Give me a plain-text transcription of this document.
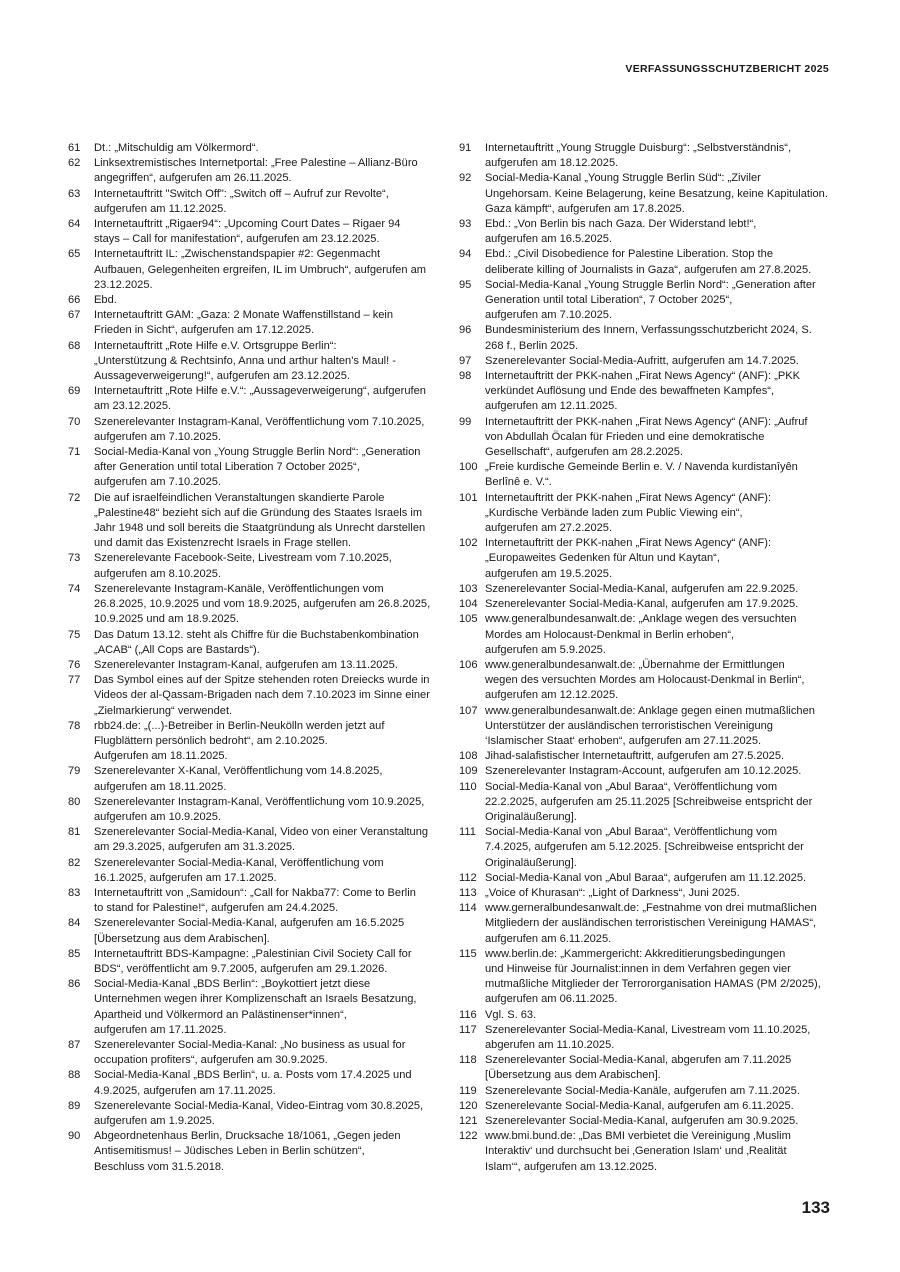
VERFASSUNGSSCHUTZBERICHT 2025
61	Dt.: „Mitschuldig am Völkermord“.
62	Linksextremistisches Internetportal: „Free Palestine – Allianz-Büro
angegriffen“, aufgerufen am 26.11.2025.
63	Internetauftritt "Switch Off": „Switch off – Aufruf zur Revolte“,
aufgerufen am 11.12.2025.
64	Internetauftritt „Rigaer94“: „Upcoming Court Dates – Rigaer 94
stays – Call for manifestation“, aufgerufen am 23.12.2025.
65	Internetauftritt IL: „Zwischenstandspapier #2: Gegenmacht
Aufbauen, Gelegenheiten ergreifen, IL im Umbruch“, aufgerufen am
23.12.2025.
66	Ebd.
67	Internetauftritt GAM: „Gaza: 2 Monate Waffenstillstand – kein
Frieden in Sicht“, aufgerufen am 17.12.2025.
68	Internetauftritt „Rote Hilfe e.V. Ortsgruppe Berlin“:
„Unterstützung & Rechtsinfo, Anna und arthur halten’s Maul! -
Aussageverweigerung!“, aufgerufen am 23.12.2025.
69	Internetauftritt „Rote Hilfe e.V.“: „Aussageverweigerung“, aufgerufen
am 23.12.2025.
70	Szenerelevanter Instagram-Kanal, Veröffentlichung vom 7.10.2025,
aufgerufen am 7.10.2025.
71	Social-Media-Kanal von „Young Struggle Berlin Nord“: „Generation
after Generation until total Liberation 7 October 2025“,
aufgerufen am 7.10.2025.
72	Die auf israelfeindlichen Veranstaltungen skandierte Parole
„Palestine48“ bezieht sich auf die Gründung des Staates Israels im
Jahr 1948 und soll bereits die Staatgründung als Unrecht darstellen
und damit das Existenzrecht Israels in Frage stellen.
73	Szenerelevante Facebook-Seite, Livestream vom 7.10.2025,
aufgerufen am 8.10.2025.
74	Szenerelevante Instagram-Kanäle, Veröffentlichungen vom
26.8.2025, 10.9.2025 und vom 18.9.2025, aufgerufen am 26.8.2025,
10.9.2025 und am 18.9.2025.
75	Das Datum 13.12. steht als Chiffre für die Buchstabenkombination
„ACAB“ („All Cops are Bastards“).
76	Szenerelevanter Instagram-Kanal, aufgerufen am 13.11.2025.
77	Das Symbol eines auf der Spitze stehenden roten Dreiecks wurde in
Videos der al-Qassam-Brigaden nach dem 7.10.2023 im Sinne einer
„Zielmarkierung“ verwendet.
78	rbb24.de: „(...)-Betreiber in Berlin-Neukölln werden jetzt auf
Flugblättern persönlich bedroht“, am 2.10.2025.
Aufgerufen am 18.11.2025.
79	Szenerelevanter X-Kanal, Veröffentlichung vom 14.8.2025,
aufgerufen am 18.11.2025.
80	Szenerelevanter Instagram-Kanal, Veröffentlichung vom 10.9.2025,
aufgerufen am 10.9.2025.
81	Szenerelevanter Social-Media-Kanal, Video von einer Veranstaltung
am 29.3.2025, aufgerufen am 31.3.2025.
82	Szenerelevanter Social-Media-Kanal, Veröffentlichung vom
16.1.2025, aufgerufen am 17.1.2025.
83	Internetauftritt von „Samidoun“: „Call for Nakba77: Come to Berlin
to stand for Palestine!“, aufgerufen am 24.4.2025.
84	Szenerelevanter Social-Media-Kanal, aufgerufen am 16.5.2025
[Übersetzung aus dem Arabischen].
85	Internetauftritt BDS-Kampagne: „Palestinian Civil Society Call for
BDS“, veröffentlicht am 9.7.2005, aufgerufen am 29.1.2026.
86	Social-Media-Kanal „BDS Berlin“: „Boykottiert jetzt diese
Unternehmen wegen ihrer Komplizenschaft an Israels Besatzung,
Apartheid und Völkermord an Palästinenser*innen“,
aufgerufen am 17.11.2025.
87	Szenerelevanter Social-Media-Kanal: „No business as usual for
occupation profiters“, aufgerufen am 30.9.2025.
88	Social-Media-Kanal „BDS Berlin“, u. a. Posts vom 17.4.2025 und
4.9.2025, aufgerufen am 17.11.2025.
89	Szenerelevante Social-Media-Kanal, Video-Eintrag vom 30.8.2025,
aufgerufen am 1.9.2025.
90	Abgeordnetenhaus Berlin, Drucksache 18/1061, „Gegen jeden
Antisemitismus! – Jüdisches Leben in Berlin schützen“,
Beschluss vom 31.5.2018.
91	Internetauftritt „Young Struggle Duisburg“: „Selbstverständnis“,
aufgerufen am 18.12.2025.
92	Social-Media-Kanal „Young Struggle Berlin Süd“: „Ziviler
Ungehorsam. Keine Belagerung, keine Besatzung, keine Kapitulation.
Gaza kämpft“, aufgerufen am 17.8.2025.
93	Ebd.: „Von Berlin bis nach Gaza. Der Widerstand lebt!“,
aufgerufen am 16.5.2025.
94	Ebd.: „Civil Disobedience for Palestine Liberation. Stop the
deliberate killing of Journalists in Gaza“, aufgerufen am 27.8.2025.
95	Social-Media-Kanal „Young Struggle Berlin Nord“: „Generation after
Generation until total Liberation“, 7 October 2025“,
aufgerufen am 7.10.2025.
96	Bundesministerium des Innern, Verfassungsschutzbericht 2024, S.
268 f., Berlin 2025.
97	Szenerelevanter Social-Media-Aufritt, aufgerufen am 14.7.2025.
98	Internetauftritt der PKK-nahen „Firat News Agency“ (ANF): „PKK
verkündet Auflösung und Ende des bewaffneten Kampfes“,
aufgerufen am 12.11.2025.
99	Internetauftritt der PKK-nahen „Firat News Agency“ (ANF): „Aufruf
von Abdullah Öcalan für Frieden und eine demokratische
Gesellschaft“, aufgerufen am 28.2.2025.
100 „Freie kurdische Gemeinde Berlin e. V. / Navenda kurdistanîyên
Berlînê e. V.“.
101 Internetauftritt der PKK-nahen „Firat News Agency“ (ANF):
„Kurdische Verbände laden zum Public Viewing ein“,
aufgerufen am 27.2.2025.
102 Internetauftritt der PKK-nahen „Firat News Agency“ (ANF):
„Europaweites Gedenken für Altun und Kaytan“,
aufgerufen am 19.5.2025.
103 Szenerelevanter Social-Media-Kanal, aufgerufen am 22.9.2025.
104 Szenerelevanter Social-Media-Kanal, aufgerufen am 17.9.2025.
105 www.generalbundesanwalt.de: „Anklage wegen des versuchten
Mordes am Holocaust-Denkmal in Berlin erhoben“,
aufgerufen am 5.9.2025.
106 www.generalbundesanwalt.de: „Übernahme der Ermittlungen
wegen des versuchten Mordes am Holocaust-Denkmal in Berlin“,
aufgerufen am 12.12.2025.
107 www.generalbundesanwalt.de: Anklage gegen einen mutmaßlichen
Unterstützer der ausländischen terroristischen Vereinigung
‘Islamischer Staat‘ erhoben“, aufgerufen am 27.11.2025.
108 Jihad-salafistischer Internetauftritt, aufgerufen am 27.5.2025.
109 Szenerelevanter Instagram-Account, aufgerufen am 10.12.2025.
110 Social-Media-Kanal von „Abul Baraa“, Veröffentlichung vom
22.2.2025, aufgerufen am 25.11.2025 [Schreibweise entspricht der
Originaläußerung].
111 Social-Media-Kanal von „Abul Baraa“, Veröffentlichung vom
7.4.2025, aufgerufen am 5.12.2025. [Schreibweise entspricht der
Originaläußerung].
112 Social-Media-Kanal von „Abul Baraa“, aufgerufen am 11.12.2025.
113 „Voice of Khurasan“: „Light of Darkness“, Juni 2025.
114 www.gerneralbundesanwalt.de: „Festnahme von drei mutmaßlichen
Mitgliedern der ausländischen terroristischen Vereinigung HAMAS“,
aufgerufen am 6.11.2025.
115 www.berlin.de: „Kammergericht: Akkreditierungsbedingungen
und Hinweise für Journalist:innen in dem Verfahren gegen vier
mutmaßliche Mitglieder der Terrororganisation HAMAS (PM 2/2025),
aufgerufen am 06.11.2025.
116 Vgl. S. 63.
117 Szenerelevanter Social-Media-Kanal, Livestream vom 11.10.2025,
abgerufen am 11.10.2025.
118 Szenerelevanter Social-Media-Kanal, abgerufen am 7.11.2025
[Übersetzung aus dem Arabischen].
119 Szenerelevante Social-Media-Kanäle, aufgerufen am 7.11.2025.
120 Szenerelevante Social-Media-Kanal, aufgerufen am 6.11.2025.
121 Szenerelevanter Social-Media-Kanal, aufgerufen am 30.9.2025.
122 www.bmi.bund.de: „Das BMI verbietet die Vereinigung ‚Muslim
Interaktiv‘ und durchsucht bei ‚Generation Islam‘ und ‚Realität
Islam‘“, aufgerufen am 13.12.2025.
133
